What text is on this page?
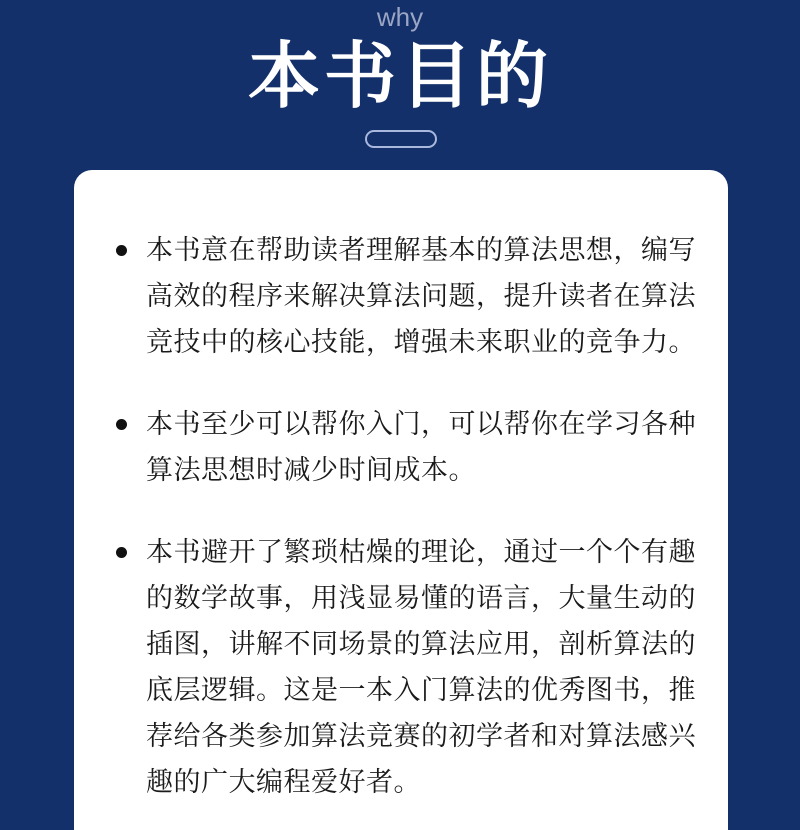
why
本书目的
本书意在帮助读者理解基本的算法思想，编写高效的程序来解决算法问题，提升读者在算法竞技中的核心技能，增强未来职业的竞争力。
本书至少可以帮你入门，可以帮你在学习各种算法思想时减少时间成本。
本书避开了繁琐枯燥的理论，通过一个个有趣的数学故事，用浅显易懂的语言，大量生动的插图，讲解不同场景的算法应用，剖析算法的底层逻辑。这是一本入门算法的优秀图书，推荐给各类参加算法竞赛的初学者和对算法感兴趣的广大编程爱好者。
